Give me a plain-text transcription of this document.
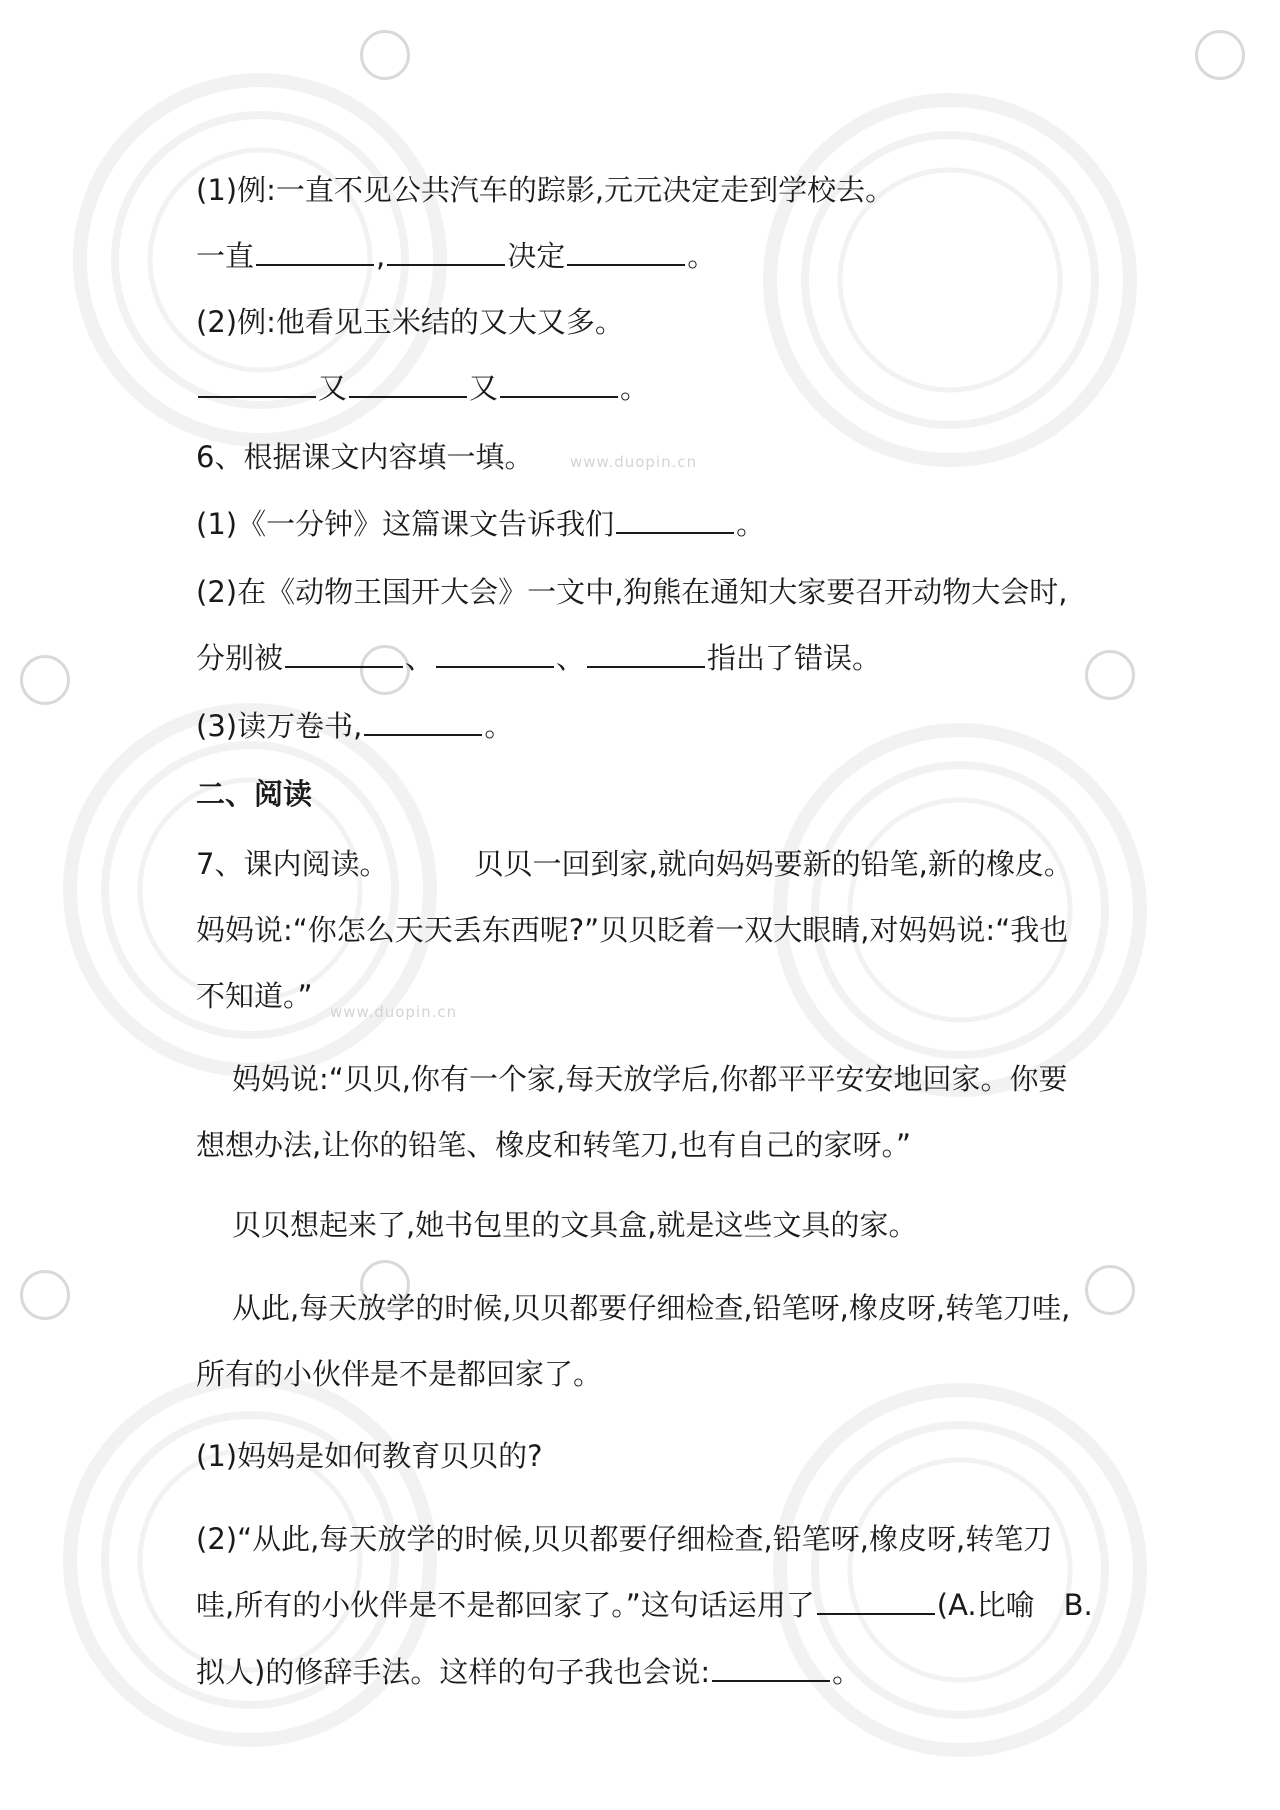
www.duopin.cn
www.duopin.cn
(1)例:一直不见公共汽车的踪影,元元决定走到学校去。
一直	,	决定	。
(2)例:他看见玉米结的又大又多。
又	又	。
6、根据课文内容填一填。
(1)《一分钟》这篇课文告诉我们	。
(2)在《动物王国开大会》一文中,狗熊在通知大家要召开动物大会时,
分别被	、	、	指出了错误。
(3)读万卷书,	。
二、阅读
7、课内阅读。	贝贝一回到家,就向妈妈要新的铅笔,新的橡皮。
妈妈说:“你怎么天天丢东西呢?”贝贝眨着一双大眼睛,对妈妈说:“我也
不知道。”
妈妈说:“贝贝,你有一个家,每天放学后,你都平平安安地回家。你要
想想办法,让你的铅笔、橡皮和转笔刀,也有自己的家呀。”
贝贝想起来了,她书包里的文具盒,就是这些文具的家。
从此,每天放学的时候,贝贝都要仔细检查,铅笔呀,橡皮呀,转笔刀哇,
所有的小伙伴是不是都回家了。
(1)妈妈是如何教育贝贝的?
(2)“从此,每天放学的时候,贝贝都要仔细检查,铅笔呀,橡皮呀,转笔刀
哇,所有的小伙伴是不是都回家了。”这句话运用了	(A.比喻　B.
拟人)的修辞手法。这样的句子我也会说:	。
